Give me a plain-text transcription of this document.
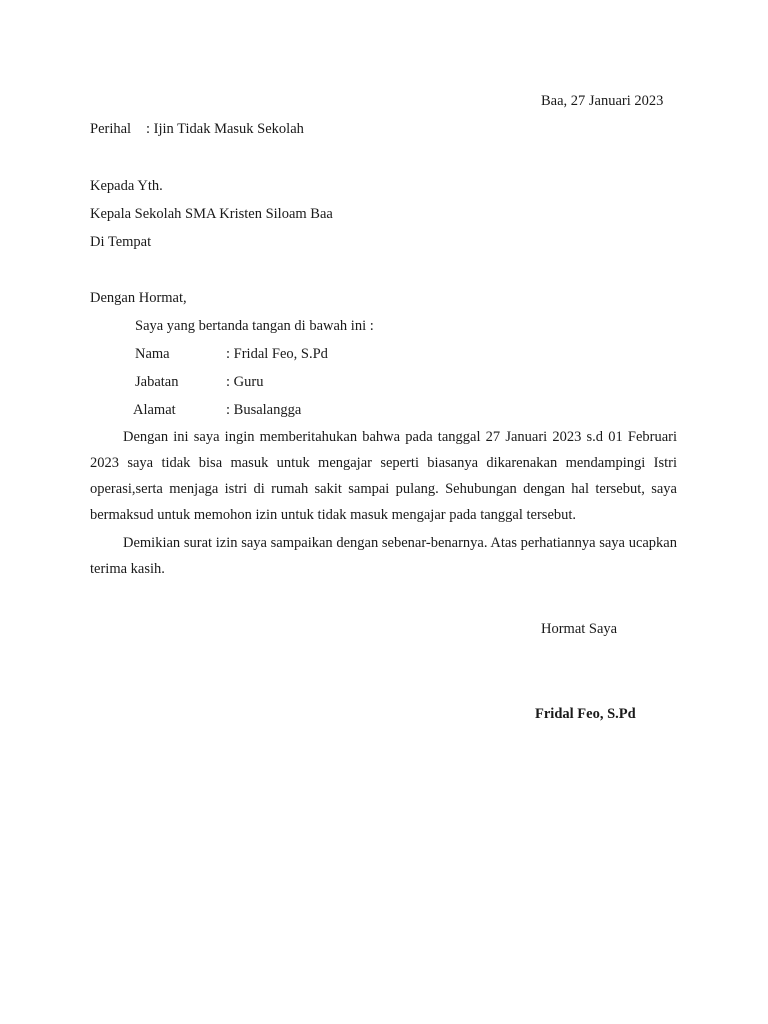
Baa, 27 Januari 2023
Perihal : Ijin Tidak Masuk Sekolah
Kepada Yth.
Kepala Sekolah SMA Kristen Siloam Baa
Di Tempat
Dengan Hormat,
Saya yang bertanda tangan di bawah ini :
Nama	: Fridal Feo, S.Pd
Jabatan	: Guru
Alamat	: Busalangga

Dengan ini saya ingin memberitahukan bahwa pada tanggal 27 Januari 2023 s.d 01 Februari 2023 saya tidak bisa masuk untuk mengajar seperti biasanya dikarenakan mendampingi Istri operasi,serta menjaga istri di rumah sakit sampai pulang. Sehubungan dengan hal tersebut, saya bermaksud untuk memohon izin untuk tidak masuk mengajar pada tanggal tersebut.

Demikian surat izin saya sampaikan dengan sebenar-benarnya. Atas perhatiannya saya ucapkan terima kasih.

Hormat Saya
Fridal Feo, S.Pd
